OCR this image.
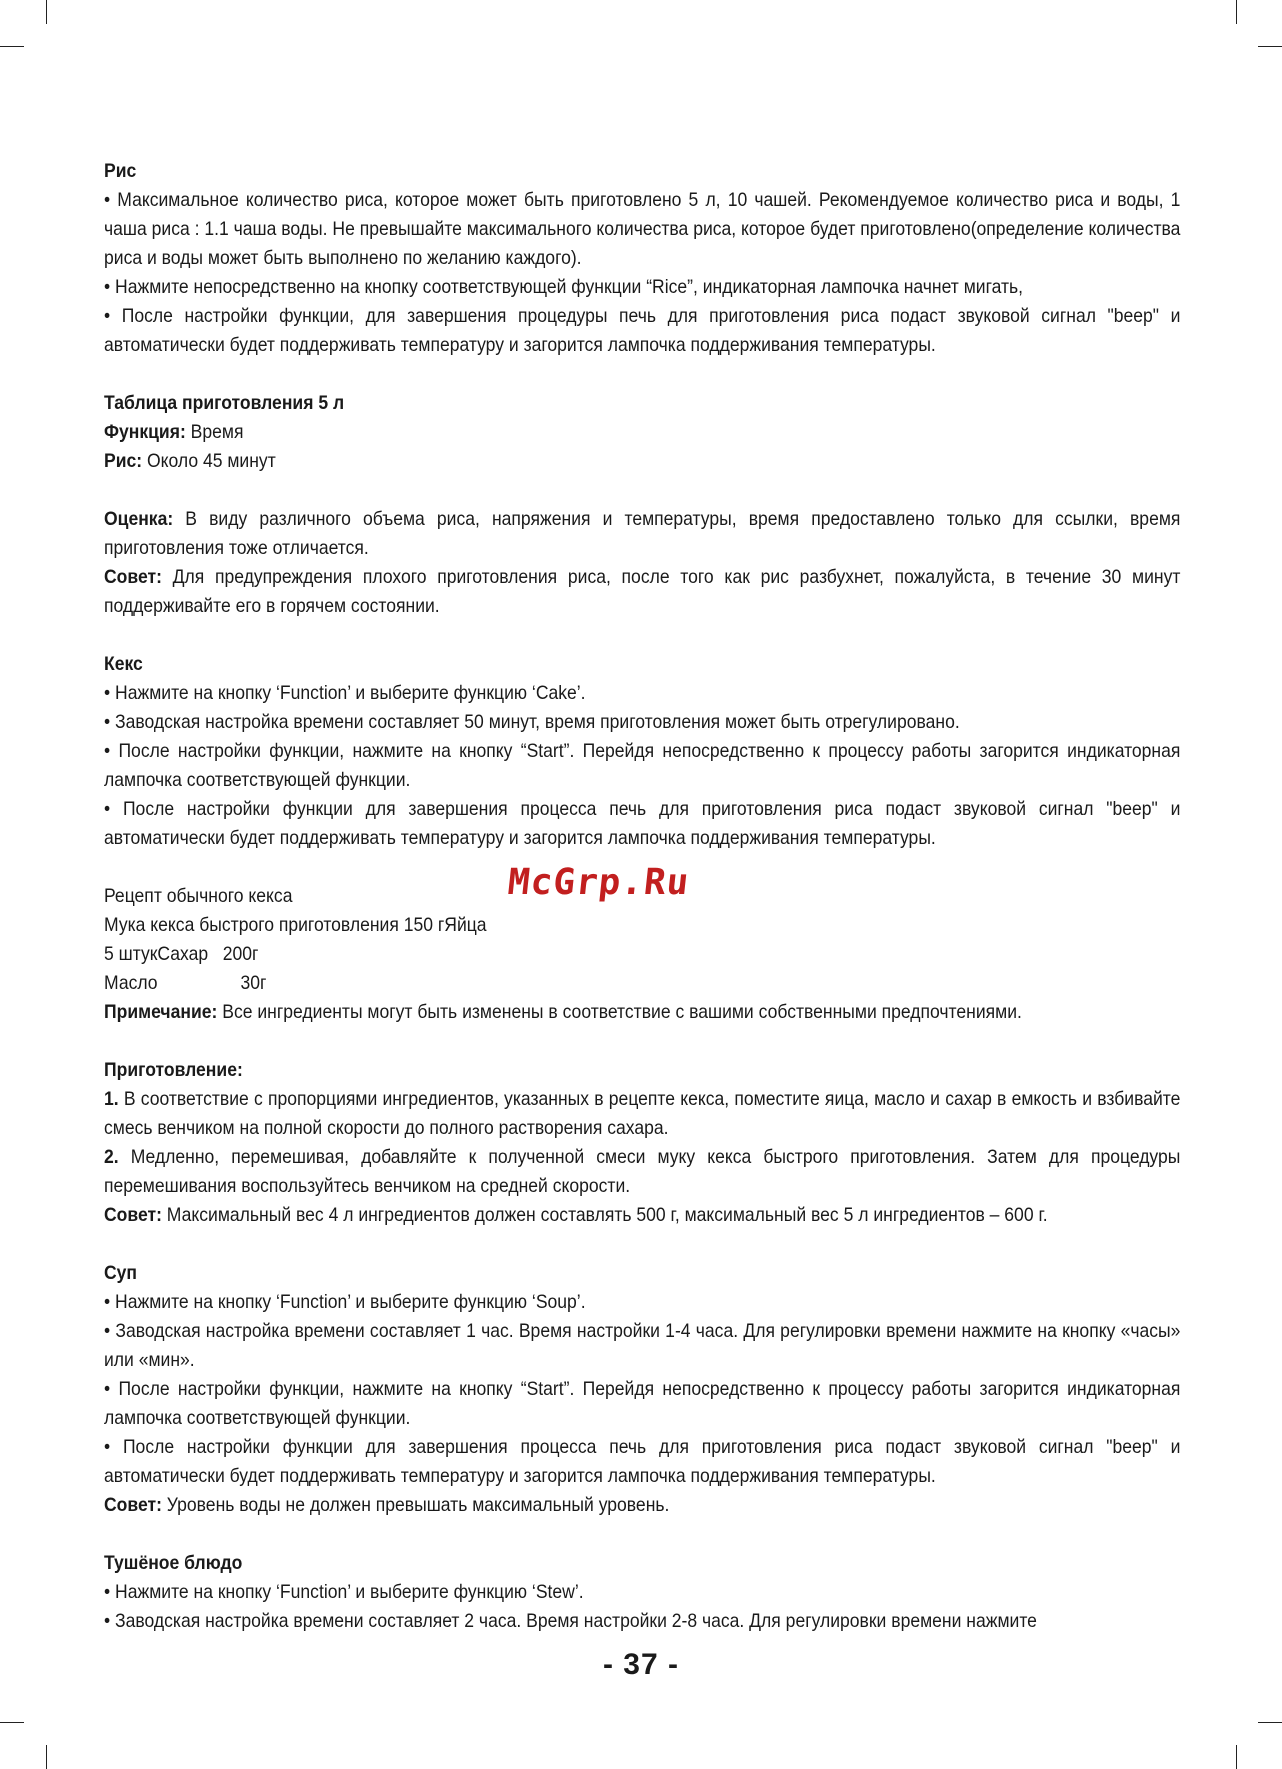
Рис
• Максимальное количество риса, которое может быть приготовлено 5 л, 10 чашей. Рекомендуемое количество риса и воды, 1 чаша риса : 1.1 чаша воды. Не превышайте максимального количества риса, которое будет приготовлено(определение количества риса и воды может быть выполнено по желанию каждого).
• Нажмите непосредственно на кнопку соответствующей функции “Rice”, индикаторная лампочка начнет мигать,
• После настройки функции, для завершения процедуры печь для приготовления риса подаст звуковой сигнал "beep" и автоматически будет поддерживать температуру и загорится лампочка поддерживания температуры.
Таблица приготовления 5 л
Функция: Время
Рис: Около 45 минут
Оценка: В виду различного объема риса, напряжения и температуры, время предоставлено только для ссылки, время приготовления тоже отличается.
Совет: Для предупреждения плохого приготовления риса, после того как рис разбухнет, пожалуйста, в течение 30 минут поддерживайте его в горячем состоянии.
Кекс
• Нажмите на кнопку ‘Function’ и выберите функцию ‘Cake’.
• Заводская настройка времени составляет 50 минут, время приготовления может быть отрегулировано.
• После настройки функции, нажмите на кнопку “Start”. Перейдя непосредственно к процессу работы загорится индикаторная лампочка соответствующей функции.
• После настройки функции для завершения процесса печь для приготовления риса подаст звуковой сигнал "beep" и автоматически будет поддерживать температуру и загорится лампочка поддерживания температуры.
Рецепт обычного кекса
Мука кекса быстрого приготовления 150 гЯйца
5 штукСахар   200г
Масло                 30г
Примечание: Все ингредиенты могут быть изменены в соответствие с вашими собственными предпочтениями.
Приготовление:
1. В соответствие с пропорциями ингредиентов, указанных в рецепте кекса, поместите яица, масло и сахар в емкость и взбивайте смесь венчиком на полной скорости до полного растворения сахара.
2. Медленно, перемешивая, добавляйте к полученной смеси муку кекса быстрого приготовления. Затем для процедуры перемешивания воспользуйтесь венчиком на средней скорости.
Совет: Максимальный вес 4 л ингредиентов должен составлять 500 г, максимальный вес 5 л ингредиентов – 600 г.
Суп
• Нажмите на кнопку ‘Function’ и выберите функцию ‘Soup’.
• Заводская настройка времени составляет 1 час. Время настройки 1-4 часа. Для регулировки времени нажмите на кнопку «часы» или «мин».
• После настройки функции, нажмите на кнопку “Start”. Перейдя непосредственно к процессу работы загорится индикаторная лампочка соответствующей функции.
• После настройки функции для завершения процесса печь для приготовления риса подаст звуковой сигнал "beep" и автоматически будет поддерживать температуру и загорится лампочка поддерживания температуры.
Совет: Уровень воды не должен превышать максимальный уровень.
Тушёное блюдо
• Нажмите на кнопку ‘Function’ и выберите функцию ‘Stew’.
• Заводская настройка времени составляет 2 часа. Время настройки 2-8 часа. Для регулировки времени нажмите
McGrp.Ru
- 37 -
